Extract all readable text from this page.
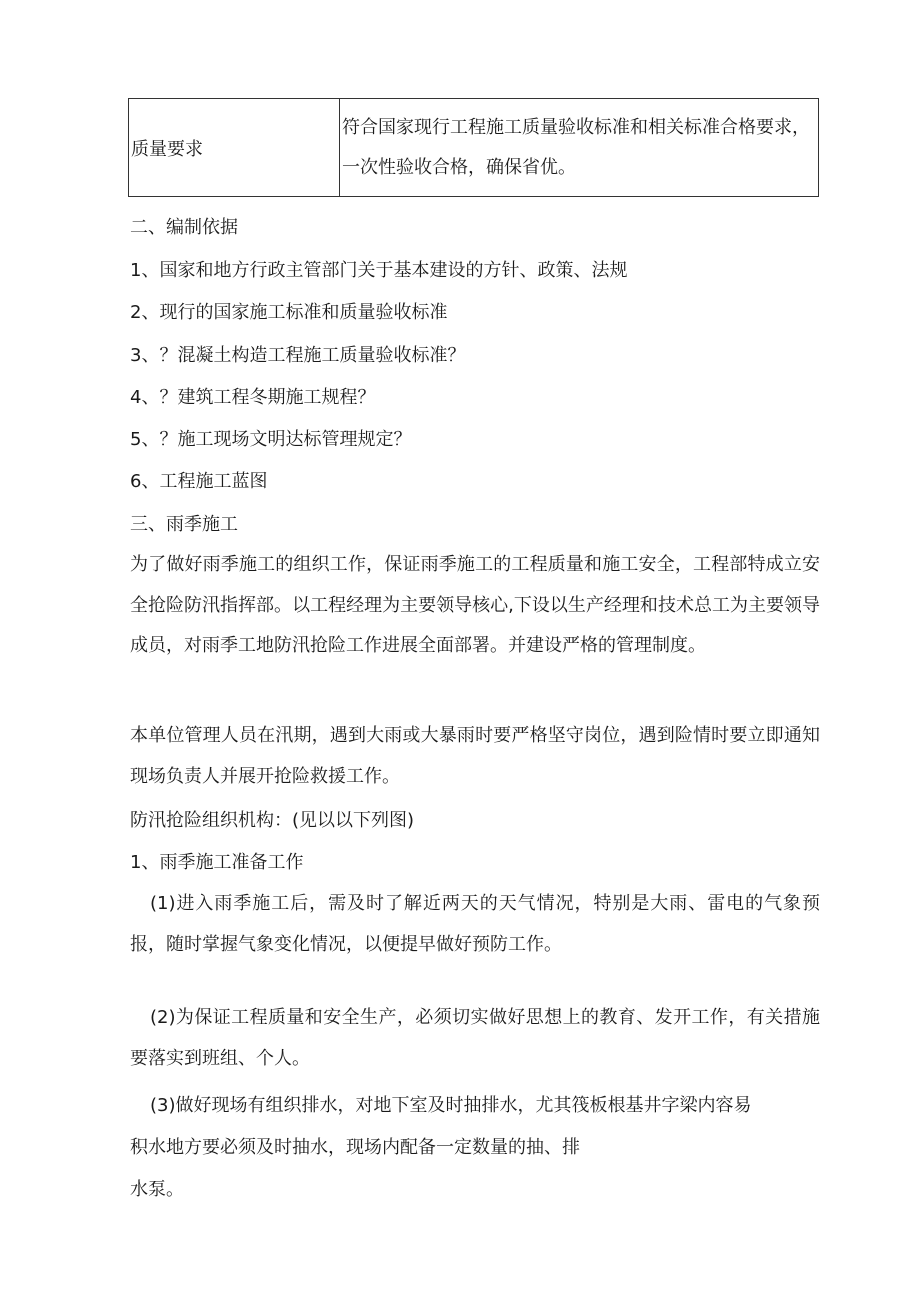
质量要求	符合国家现行工程施工质量验收标准和相关标准合格要求，一次性验收合格，确保省优。
二、编制依据
1、国家和地方行政主管部门关于基本建设的方针、政策、法规
2、现行的国家施工标准和质量验收标准
3、？混凝土构造工程施工质量验收标准？
4、？建筑工程冬期施工规程？
5、？施工现场文明达标管理规定？
6、工程施工蓝图
三、雨季施工
为了做好雨季施工的组织工作，保证雨季施工的工程质量和施工安全，工程部特成立安全抢险防汛指挥部。以工程经理为主要领导核心,下设以生产经理和技术总工为主要领导成员，对雨季工地防汛抢险工作进展全面部署。并建设严格的管理制度。
本单位管理人员在汛期，遇到大雨或大暴雨时要严格坚守岗位，遇到险情时要立即通知现场负责人并展开抢险救援工作。
防汛抢险组织机构：(见以以下列图)
1、雨季施工准备工作
(1)进入雨季施工后，需及时了解近两天的天气情况，特别是大雨、雷电的气象预报，随时掌握气象变化情况，以便提早做好预防工作。
(2)为保证工程质量和安全生产，必须切实做好思想上的教育、发开工作，有关措施要落实到班组、个人。
(3)做好现场有组织排水，对地下室及时抽排水，尤其筏板根基井字梁内容易
积水地方要必须及时抽水，现场内配备一定数量的抽、排
水泵。
